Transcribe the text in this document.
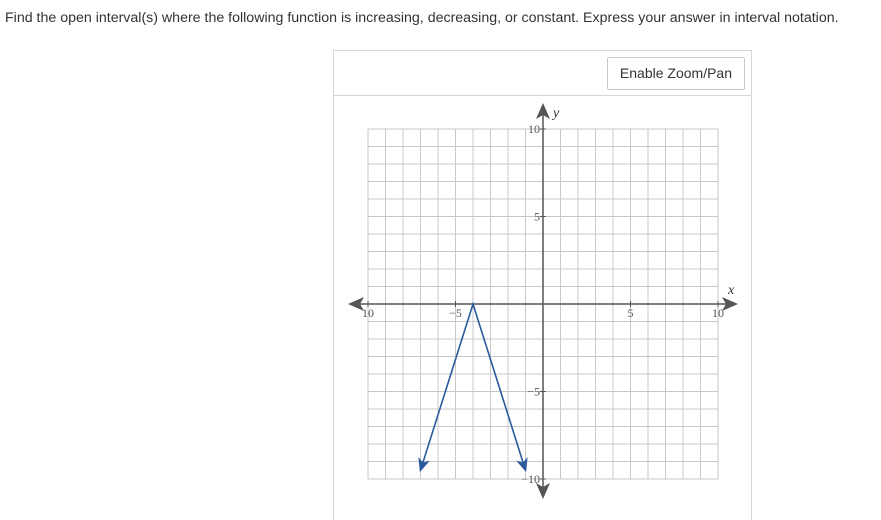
Find the open interval(s) where the following function is increasing, decreasing, or constant. Express your answer in interval notation.
Enable Zoom/Pan
x
y
10	−5	5	10
10
5
−5
−10
